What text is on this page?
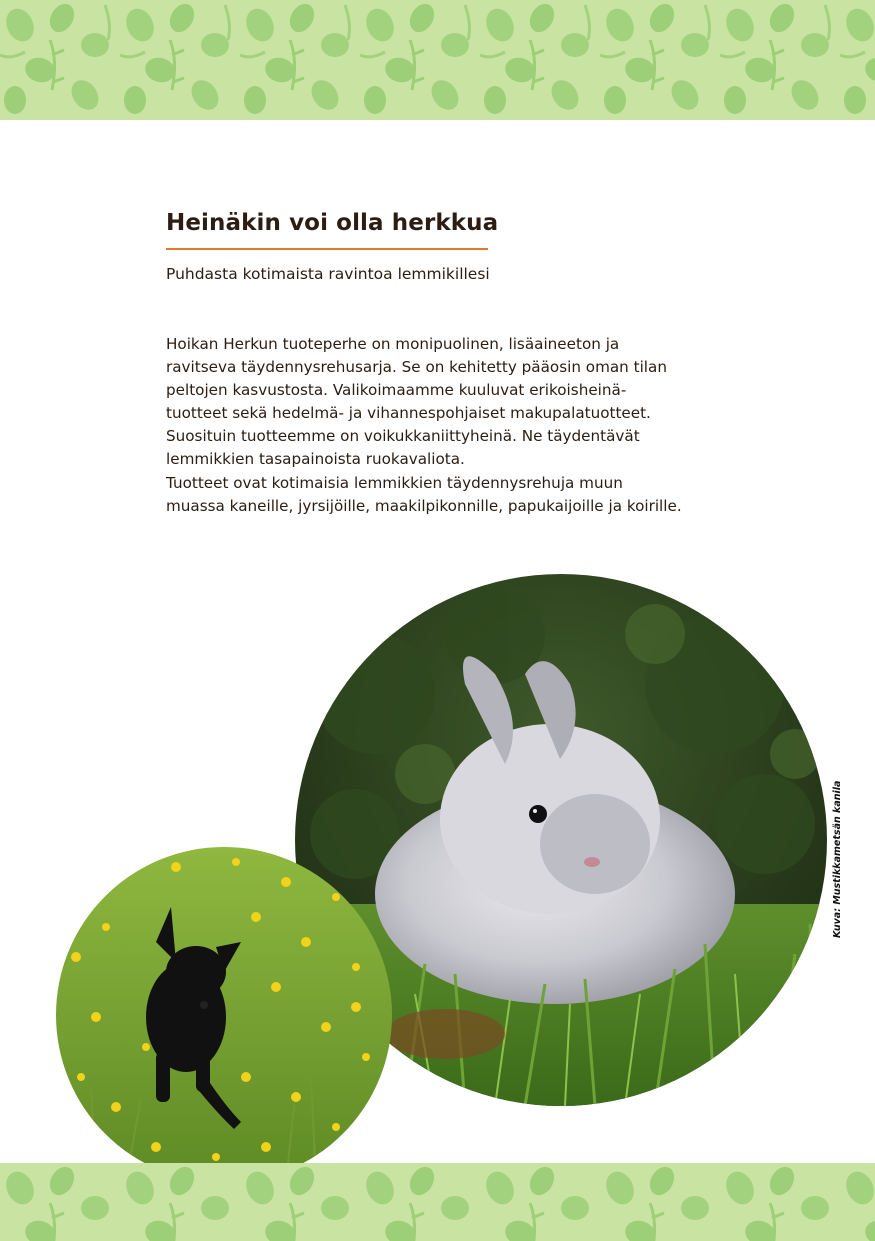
Heinäkin voi olla herkkua

Puhdasta kotimaista ravintoa lemmikillesi

Hoikan Herkun tuoteperhe on monipuolinen, lisäaineeton ja
ravitseva täydennysrehusarja. Se on kehitetty pääosin oman tilan
peltojen kasvustosta. Valikoimaamme kuuluvat erikoisheinä-
tuotteet sekä hedelmä- ja vihannespohjaiset makupalatuotteet.
Suosituin tuotteemme on voikukkaniittyheinä. Ne täydentävät
lemmikkien tasapainoista ruokavaliota.
Tuotteet ovat kotimaisia lemmikkien täydennysrehuja muun
muassa kaneille, jyrsijöille, maakilpikonnille, papukaijoille ja koirille.
Kuva: Mustikkametsän kanila
